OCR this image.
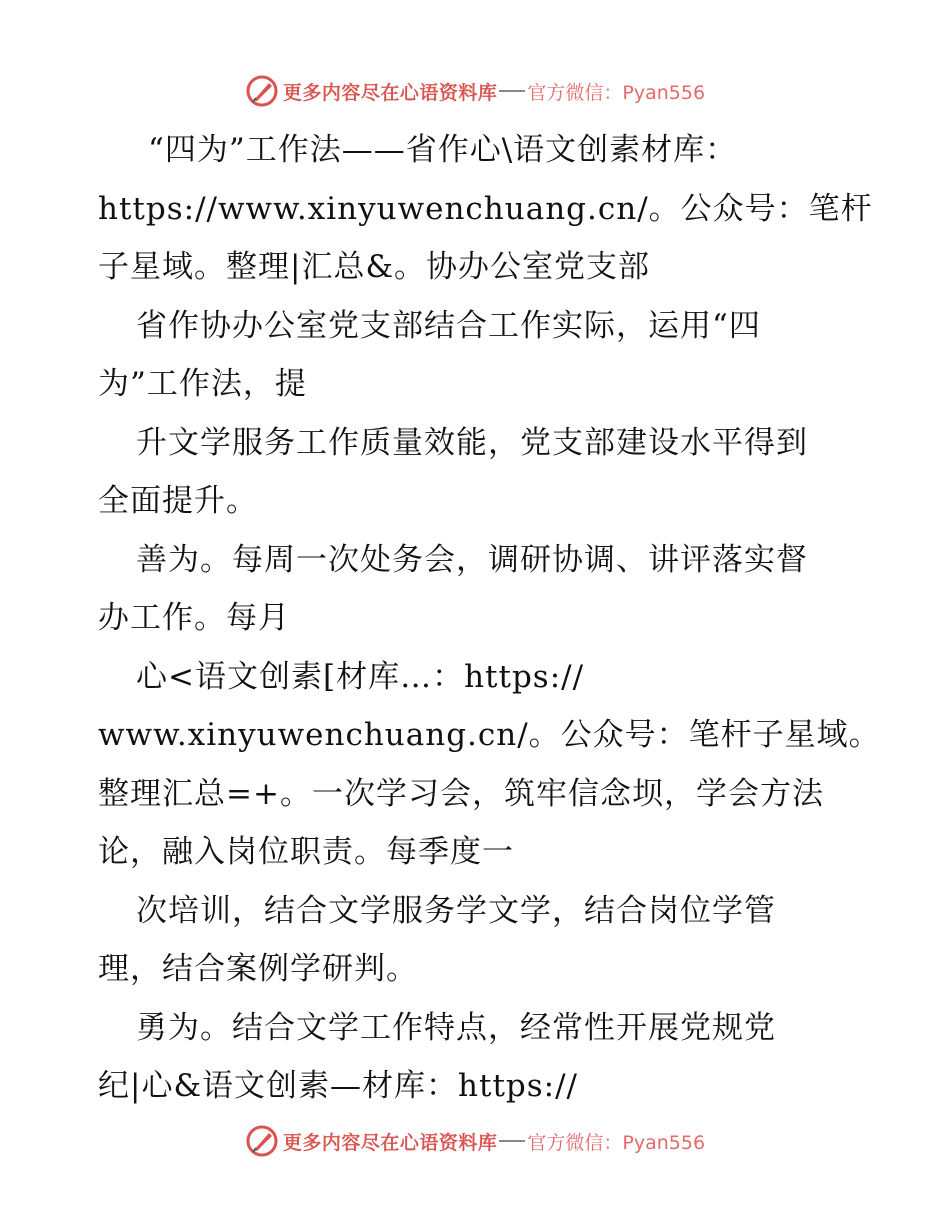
更多内容尽在心语资料库 官方微信：Pyan556
“四为”工作法——省作心\语文创素材库：
https://www.xinyuwenchuang.cn/。公众号：笔杆
子星域。整理|汇总&。协办公室党支部
省作协办公室党支部结合工作实际，运用“四
为”工作法，提
升文学服务工作质量效能，党支部建设水平得到
全面提升。
善为。每周一次处务会，调研协调、讲评落实督
办工作。每月
心<语文创素[材库…：https://
www.xinyuwenchuang.cn/。公众号：笔杆子星域。
整理汇总=+。一次学习会，筑牢信念坝，学会方法
论，融入岗位职责。每季度一
次培训，结合文学服务学文学，结合岗位学管
理，结合案例学研判。
勇为。结合文学工作特点，经常性开展党规党
纪|心&语文创素—材库：https://
更多内容尽在心语资料库 官方微信：Pyan556
